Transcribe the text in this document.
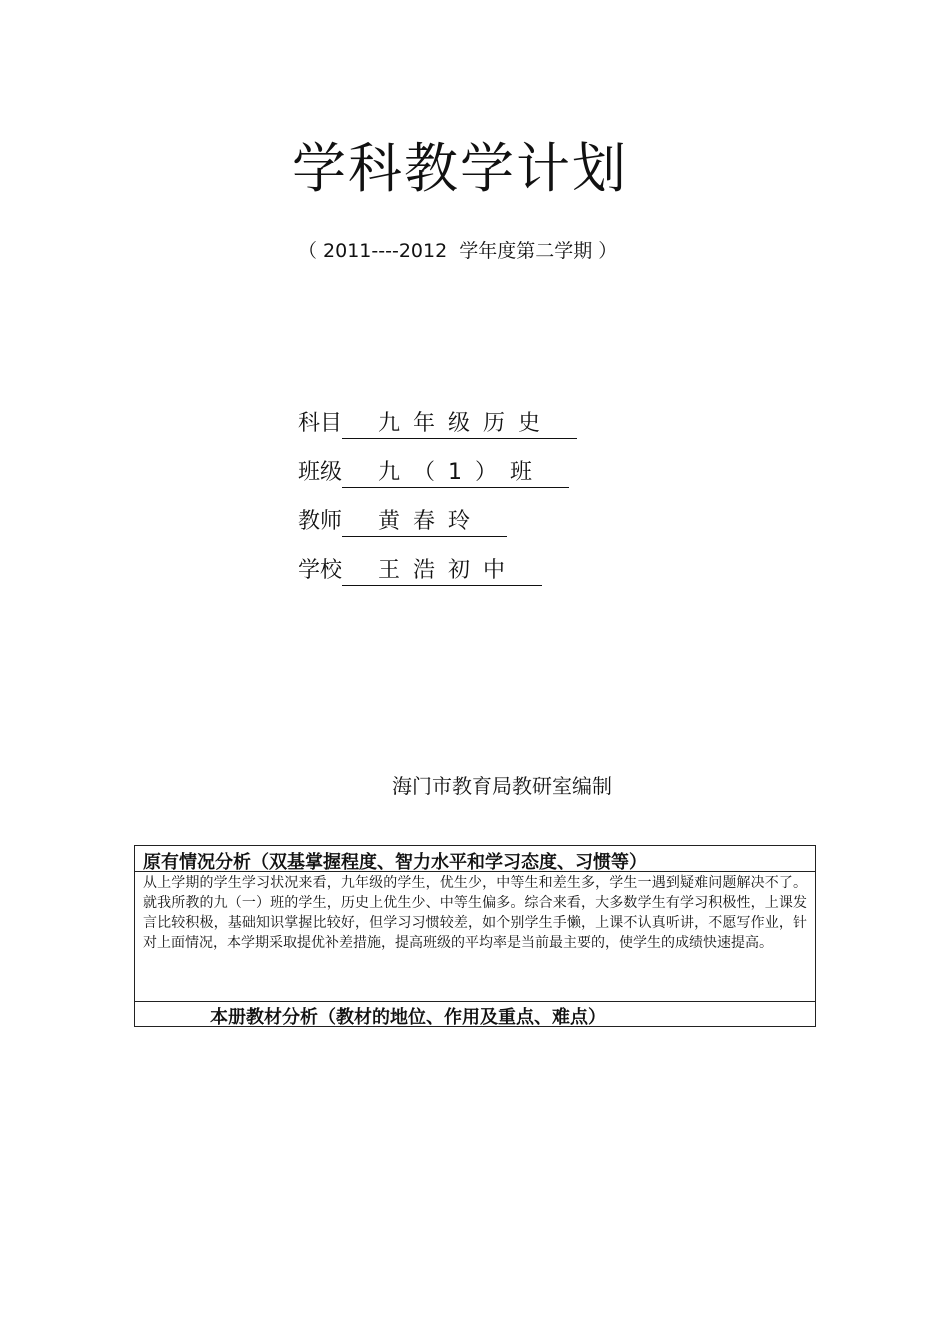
学科教学计划
（ 2011----2012  学年度第二学期 ）
科目 九 年 级 历 史
班级 九 （ 1 ） 班
教师 黄 春 玲
学校 王 浩 初 中
海门市教育局教研室编制
原有情况分析（双基掌握程度、智力水平和学习态度、习惯等）
从上学期的学生学习状况来看，九年级的学生，优生少，中等生和差生多，学生一遇到疑难问题解决不了。就我所教的九（一）班的学生，历史上优生少、中等生偏多。综合来看，大多数学生有学习积极性，上课发言比较积极，基础知识掌握比较好，但学习习惯较差，如个别学生手懒，上课不认真听讲，不愿写作业，针对上面情况，本学期采取提优补差措施，提高班级的平均率是当前最主要的，使学生的成绩快速提高。
本册教材分析（教材的地位、作用及重点、难点）
